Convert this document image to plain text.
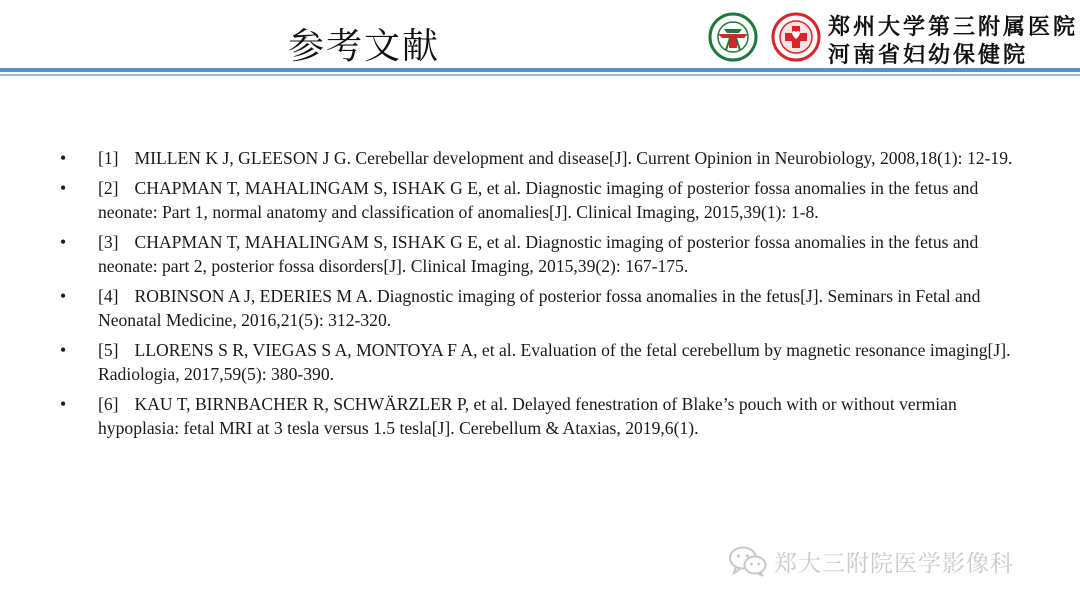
参考文献	郑州大学第三附属医院
河南省妇幼保健院
• [1] MILLEN K J, GLEESON J G. Cerebellar development and disease[J]. Current Opinion in Neurobiology, 2008,18(1): 12-19.
• [2] CHAPMAN T, MAHALINGAM S, ISHAK G E, et al. Diagnostic imaging of posterior fossa anomalies in the fetus and neonate: Part 1, normal anatomy and classification of anomalies[J]. Clinical Imaging, 2015,39(1): 1-8.
• [3] CHAPMAN T, MAHALINGAM S, ISHAK G E, et al. Diagnostic imaging of posterior fossa anomalies in the fetus and neonate: part 2, posterior fossa disorders[J]. Clinical Imaging, 2015,39(2): 167-175.
• [4] ROBINSON A J, EDERIES M A. Diagnostic imaging of posterior fossa anomalies in the fetus[J]. Seminars in Fetal and Neonatal Medicine, 2016,21(5): 312-320.
• [5] LLORENS S R, VIEGAS S A, MONTOYA F A, et al. Evaluation of the fetal cerebellum by magnetic resonance imaging[J]. Radiologia, 2017,59(5): 380-390.
• [6] KAU T, BIRNBACHER R, SCHWÄRZLER P, et al. Delayed fenestration of Blake’s pouch with or without vermian hypoplasia: fetal MRI at 3 tesla versus 1.5 tesla[J]. Cerebellum & Ataxias, 2019,6(1).
郑大三附院医学影像科
